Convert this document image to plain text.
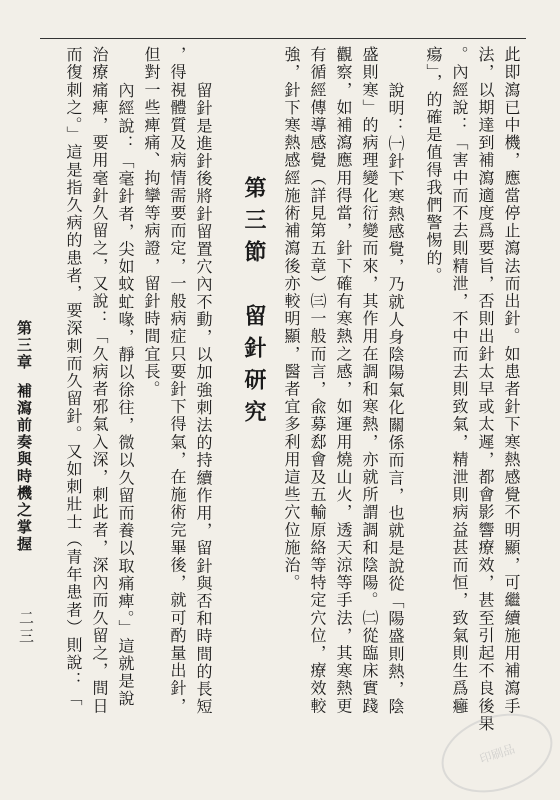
此即瀉已中機，應當停止瀉法而出針。如患者針下寒熱感覺不明顯，可繼續施用補瀉手
法，以期達到補瀉適度爲要旨，否則出針太早或太遲，都會影響療效，甚至引起不良後果
。內經說：「害中而不去則精泄，不中而去則致氣，精泄則病益甚而恒，致氣則生爲癰
瘍」，的確是值得我們警惕的。
說明：㈠針下寒熱感覺，乃就人身陰陽氣化關係而言，也就是說從「陽盛則熱，陰
盛則寒」的病理變化衍變而來，其作用在調和寒熱，亦就所謂調和陰陽。㈡從臨床實踐
觀察，如補瀉應用得當，針下確有寒熱之感，如運用燒山火，透天涼等手法，其寒熱更
有循經傳導感覺（詳見第五章）㈢一般而言，兪募郄會及五輸原絡等特定穴位，療效較
強，針下寒熱感經施術補瀉後亦較明顯，醫者宜多利用這些穴位施治。
第三節　留針研究
留針是進針後將針留置穴內不動，以加強刺法的持續作用，留針與否和時間的長短
，得視體質及病情需要而定，一般病症只要針下得氣，在施術完畢後，就可酌量出針，
但對一些痺痛、拘攣等病證，留針時間宜長。
內經說：「毫針者，尖如蚊虻喙，靜以徐往，微以久留而養以取痛痺。」這就是說
治療痛痺，要用毫針久留之，又說：「久病者邪氣入深，刺此者，深內而久留之，間日
而復刺之。」這是指久病的患者，要深刺而久留針。又如刺壯士（青年患者）則說：「
第三章補瀉前奏與時機之掌握
二三
印刷品
